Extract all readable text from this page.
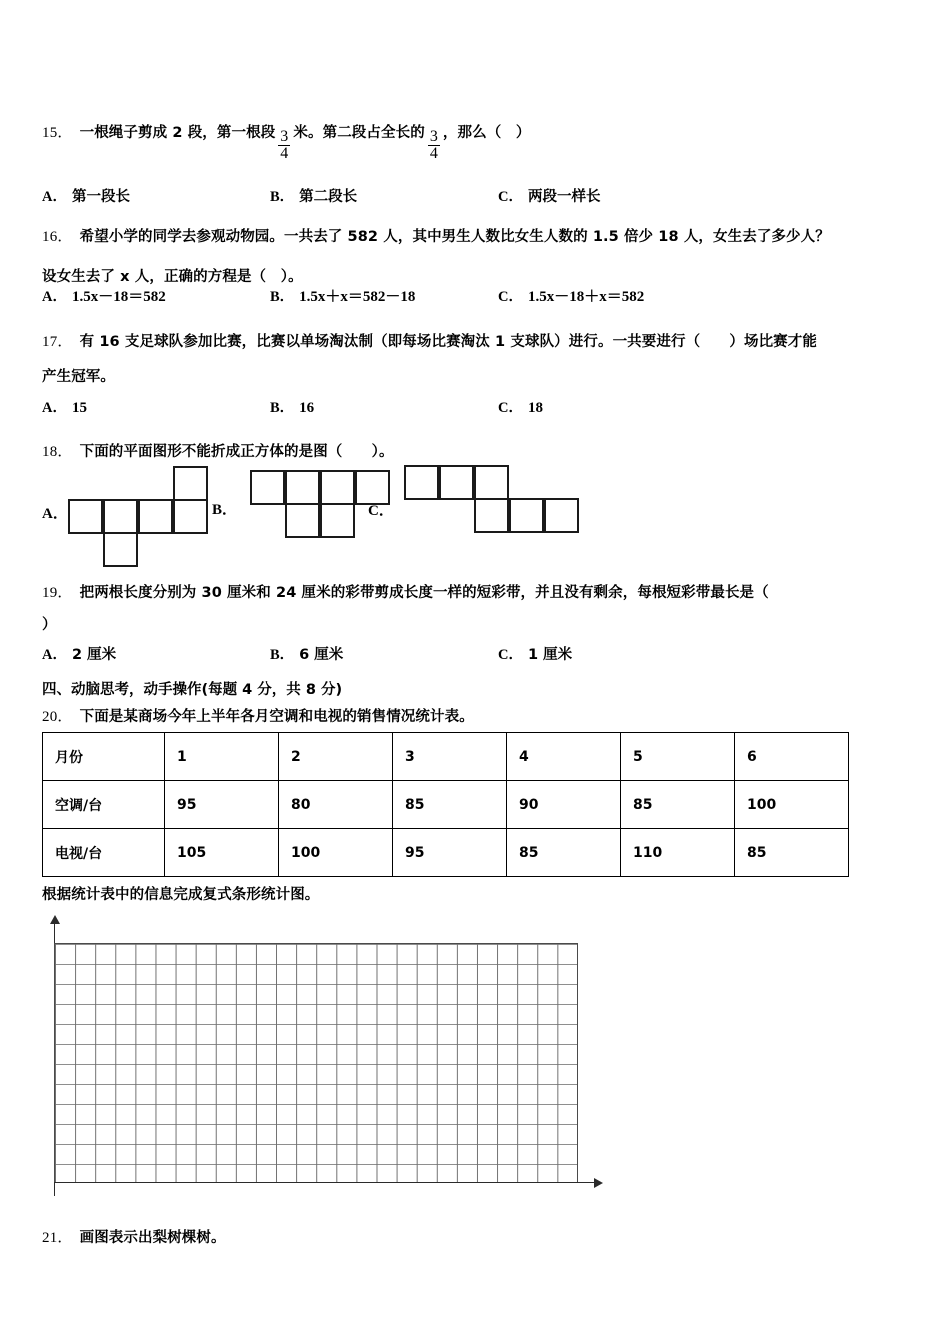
15． 一根绳子剪成 2 段，第一根段 $\frac{3}{4}$ 米。第二段占全长的 $\frac{3}{4}$ ，那么（　）
A． 第一段长	B． 第二段长	C． 两段一样长
16． 希望小学的同学去参观动物园。一共去了 582 人，其中男生人数比女生人数的 1.5 倍少 18 人，女生去了多少人？
设女生去了 x 人，正确的方程是（　）。
A． 1.5x－18＝582	B． 1.5x＋x＝582－18	C． 1.5x－18＋x＝582
17． 有 16 支足球队参加比赛，比赛以单场淘汰制（即每场比赛淘汰 1 支球队）进行。一共要进行（　　）场比赛才能
产生冠军。
A． 15	B． 16	C． 18
18． 下面的平面图形不能折成正方体的是图（　　）。
A．	B．	C．
19． 把两根长度分别为 30 厘米和 24 厘米的彩带剪成长度一样的短彩带，并且没有剩余，每根短彩带最长是（
）
A． 2 厘米	B． 6 厘米	C． 1 厘米
四、动脑思考，动手操作(每题 4 分，共 8 分)
20． 下面是某商场今年上半年各月空调和电视的销售情况统计表。
月份	1	2	3	4	5	6
空调/台	95	80	85	90	85	100
电视/台	105	100	95	85	110	85
根据统计表中的信息完成复式条形统计图。
21． 画图表示出梨树棵树。
